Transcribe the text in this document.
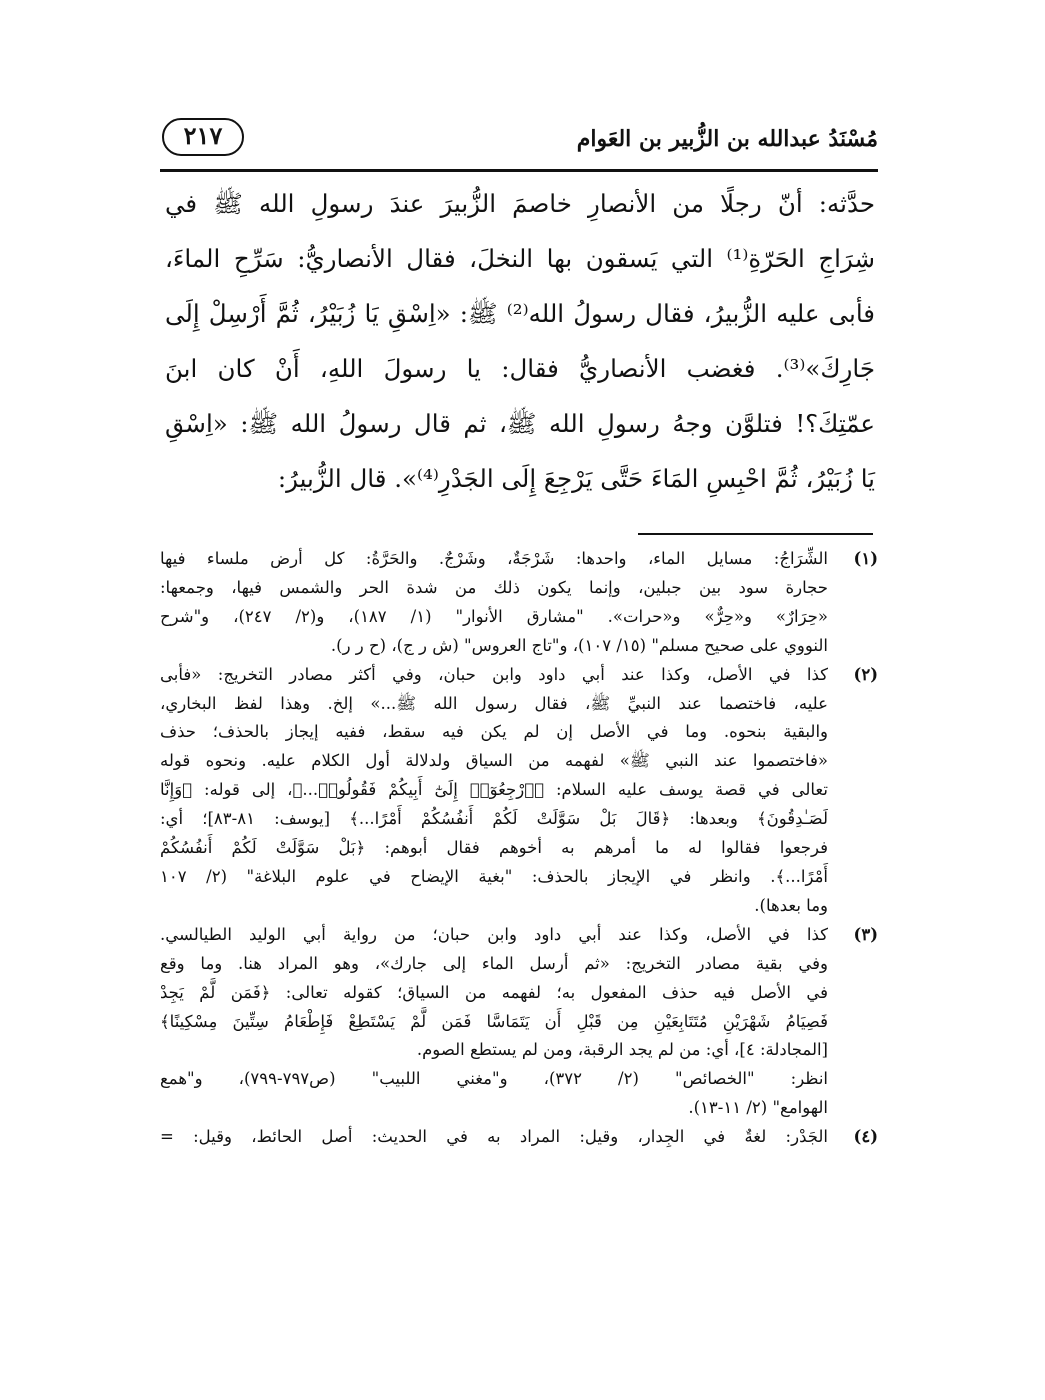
مُسْنَدُ عبدالله بن الزُّبير بن العَوام
٢١٧
حدَّثه: أنّ رجلًا من الأنصارِ خاصمَ الزُّبيرَ عندَ رسولِ الله ﷺ في
شِرَاجِ الحَرّةِ⁽¹⁾ التي يَسقون بها النخلَ، فقال الأنصاريُّ: سَرِّحِ الماءَ،
فأبى عليه الزُّبيرُ، فقال رسولُ الله⁽²⁾ ﷺ: «اِسْقِ يَا زُبَيْرُ، ثُمَّ أَرْسِلْ إِلَى
جَارِكَ»⁽³⁾. فغضب الأنصاريُّ فقال: يا رسولَ اللهِ، أَنْ كان ابنَ
عمّتِكَ؟! فتلوَّن وجهُ رسولِ الله ﷺ، ثم قال رسولُ الله ﷺ: «اِسْقِ
يَا زُبَيْرُ، ثُمَّ احْبِسِ المَاءَ حَتَّى يَرْجِعَ إِلَى الجَدْرِ⁽⁴⁾». قال الزُّبيرُ:
(١)
الشِّرَاجُ: مسايل الماء، واحدها: شَرْجَةٌ، وشَرْجٌ. والحَرَّةُ: كل أرض ملساء فيها
حجارة سود بين جبلين، وإنما يكون ذلك من شدة الحر والشمس فيها، وجمعها:
«حِرَارٌ» و«حِرٌّ» و«حرات». "مشارق الأنوار" (١/ ١٨٧)، و(٢/ ٢٤٧)، و"شرح
النووي على صحيح مسلم" (١٥/ ١٠٧)، و"تاج العروس" (ش ر ج)، (ح ر ر).
(٢)
كذا في الأصل، وكذا عند أبي داود وابن حبان، وفي أكثر مصادر التخريج: «فأبى
عليه، فاختصما عند النبيِّ ﷺ، فقال رسول الله ﷺ...» إلخ. وهذا لفظ البخاري،
والبقية بنحوه. وما في الأصل إن لم يكن فيه سقط، ففيه إيجاز بالحذف؛ حذف
«فاختصموا عند النبي ﷺ» لفهمه من السياق ولدلالة أول الكلام عليه. ونحوه قوله
تعالى في قصة يوسف عليه السلام: ﴿ٱرْجِعُوٓا۟ إِلَىٰٓ أَبِيكُمْ فَقُولُوا۟...﴾، إلى قوله: ﴿وَإِنَّا
لَصَـٰدِقُونَ﴾ وبعدها: ﴿قَالَ بَلْ سَوَّلَتْ لَكُمْ أَنفُسُكُمْ أَمْرًا...﴾ [يوسف: ٨١-٨٣]؛ أي:
فرجعوا فقالوا له ما أمرهم به أخوهم فقال أبوهم: ﴿بَلْ سَوَّلَتْ لَكُمْ أَنفُسُكُمْ
أَمْرًا...﴾. وانظر في الإيجاز بالحذف: "بغية الإيضاح في علوم البلاغة" (٢/ ١٠٧
وما بعدها).
(٣)
كذا في الأصل، وكذا عند أبي داود وابن حبان؛ من رواية أبي الوليد الطيالسي.
وفي بقية مصادر التخريج: «ثم أرسل الماء إلى جارك»، وهو المراد هنا. وما وقع
في الأصل فيه حذف المفعول به؛ لفهمه من السياق؛ كقوله تعالى: ﴿فَمَن لَّمْ يَجِدْ
فَصِيَامُ شَهْرَيْنِ مُتَتَابِعَيْنِ مِن قَبْلِ أَن يَتَمَاسَّا فَمَن لَّمْ يَسْتَطِعْ فَإِطْعَامُ سِتِّينَ مِسْكِينًا﴾
[المجادلة: ٤]، أي: من لم يجد الرقبة، ومن لم يستطع الصوم.
انظر: "الخصائص" (٢/ ٣٧٢)، و"مغني اللبيب" (ص٧٩٧-٧٩٩)، و"همع
الهوامع" (٢/ ١١-١٣).
(٤)
الجَدْر: لغةٌ في الجِدار، وقيل: المراد به في الحديث: أصل الحائط، وقيل: =
